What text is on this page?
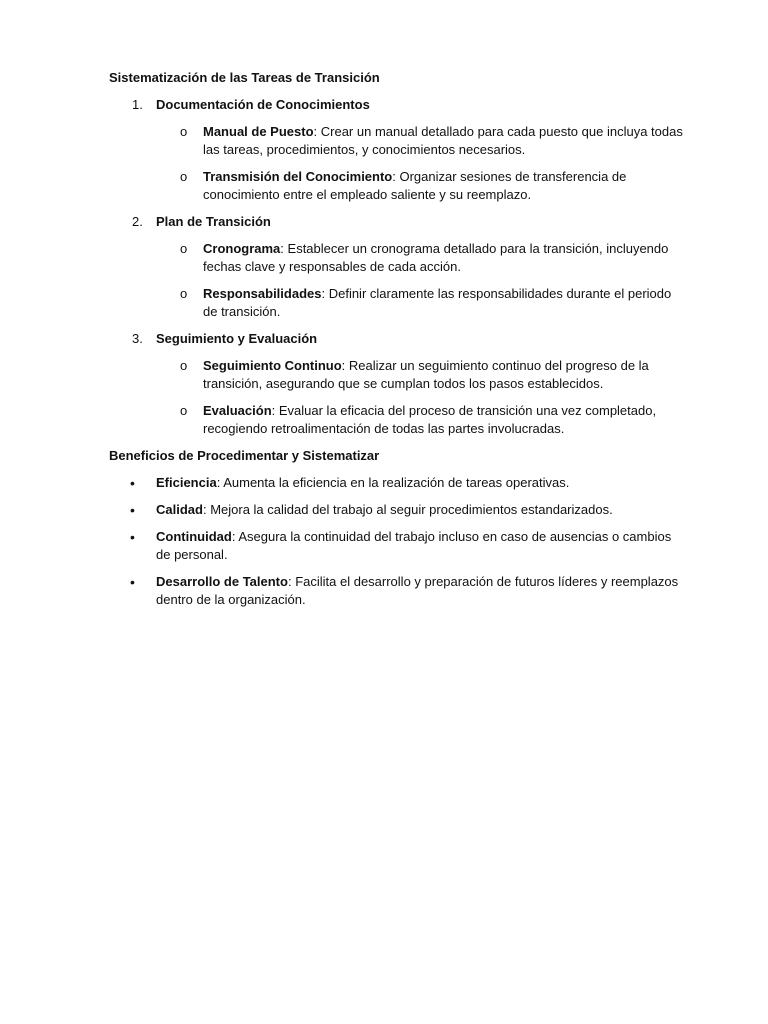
Sistematización de las Tareas de Transición
1.	Documentación de Conocimientos
o Manual de Puesto: Crear un manual detallado para cada puesto que incluya todas las tareas, procedimientos, y conocimientos necesarios.
o Transmisión del Conocimiento: Organizar sesiones de transferencia de conocimiento entre el empleado saliente y su reemplazo.
2.	Plan de Transición
o Cronograma: Establecer un cronograma detallado para la transición, incluyendo fechas clave y responsables de cada acción.
o Responsabilidades: Definir claramente las responsabilidades durante el periodo de transición.
3.	Seguimiento y Evaluación
o Seguimiento Continuo: Realizar un seguimiento continuo del progreso de la transición, asegurando que se cumplan todos los pasos establecidos.
o Evaluación: Evaluar la eficacia del proceso de transición una vez completado, recogiendo retroalimentación de todas las partes involucradas.
Beneficios de Procedimentar y Sistematizar
• Eficiencia: Aumenta la eficiencia en la realización de tareas operativas.
• Calidad: Mejora la calidad del trabajo al seguir procedimientos estandarizados.
• Continuidad: Asegura la continuidad del trabajo incluso en caso de ausencias o cambios de personal.
• Desarrollo de Talento: Facilita el desarrollo y preparación de futuros líderes y reemplazos dentro de la organización.
